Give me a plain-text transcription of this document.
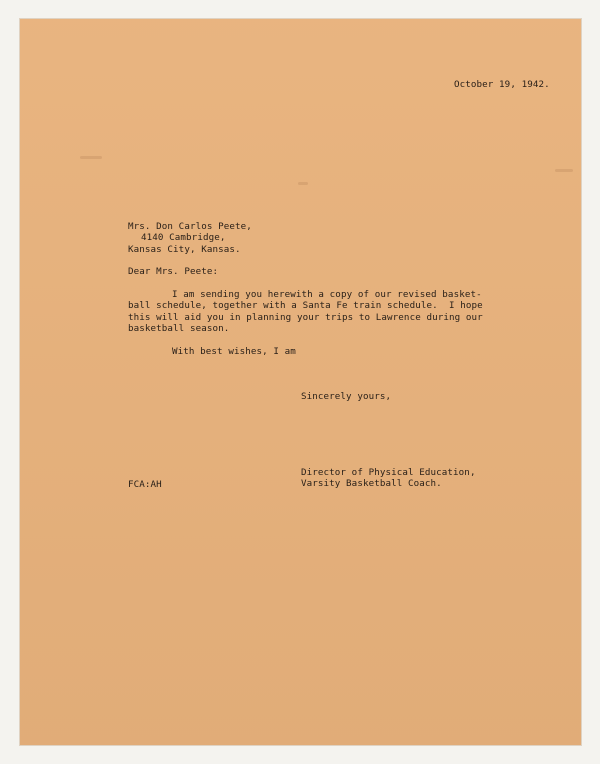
October 19, 1942.
Mrs. Don Carlos Peete,
4140 Cambridge,
Kansas City, Kansas.
Dear Mrs. Peete:
I am sending you herewith a copy of our revised basket-
ball schedule, together with a Santa Fe train schedule.  I hope
this will aid you in planning your trips to Lawrence during our
basketball season.
With best wishes, I am
Sincerely yours,
FCA:AH
Director of Physical Education,
Varsity Basketball Coach.
